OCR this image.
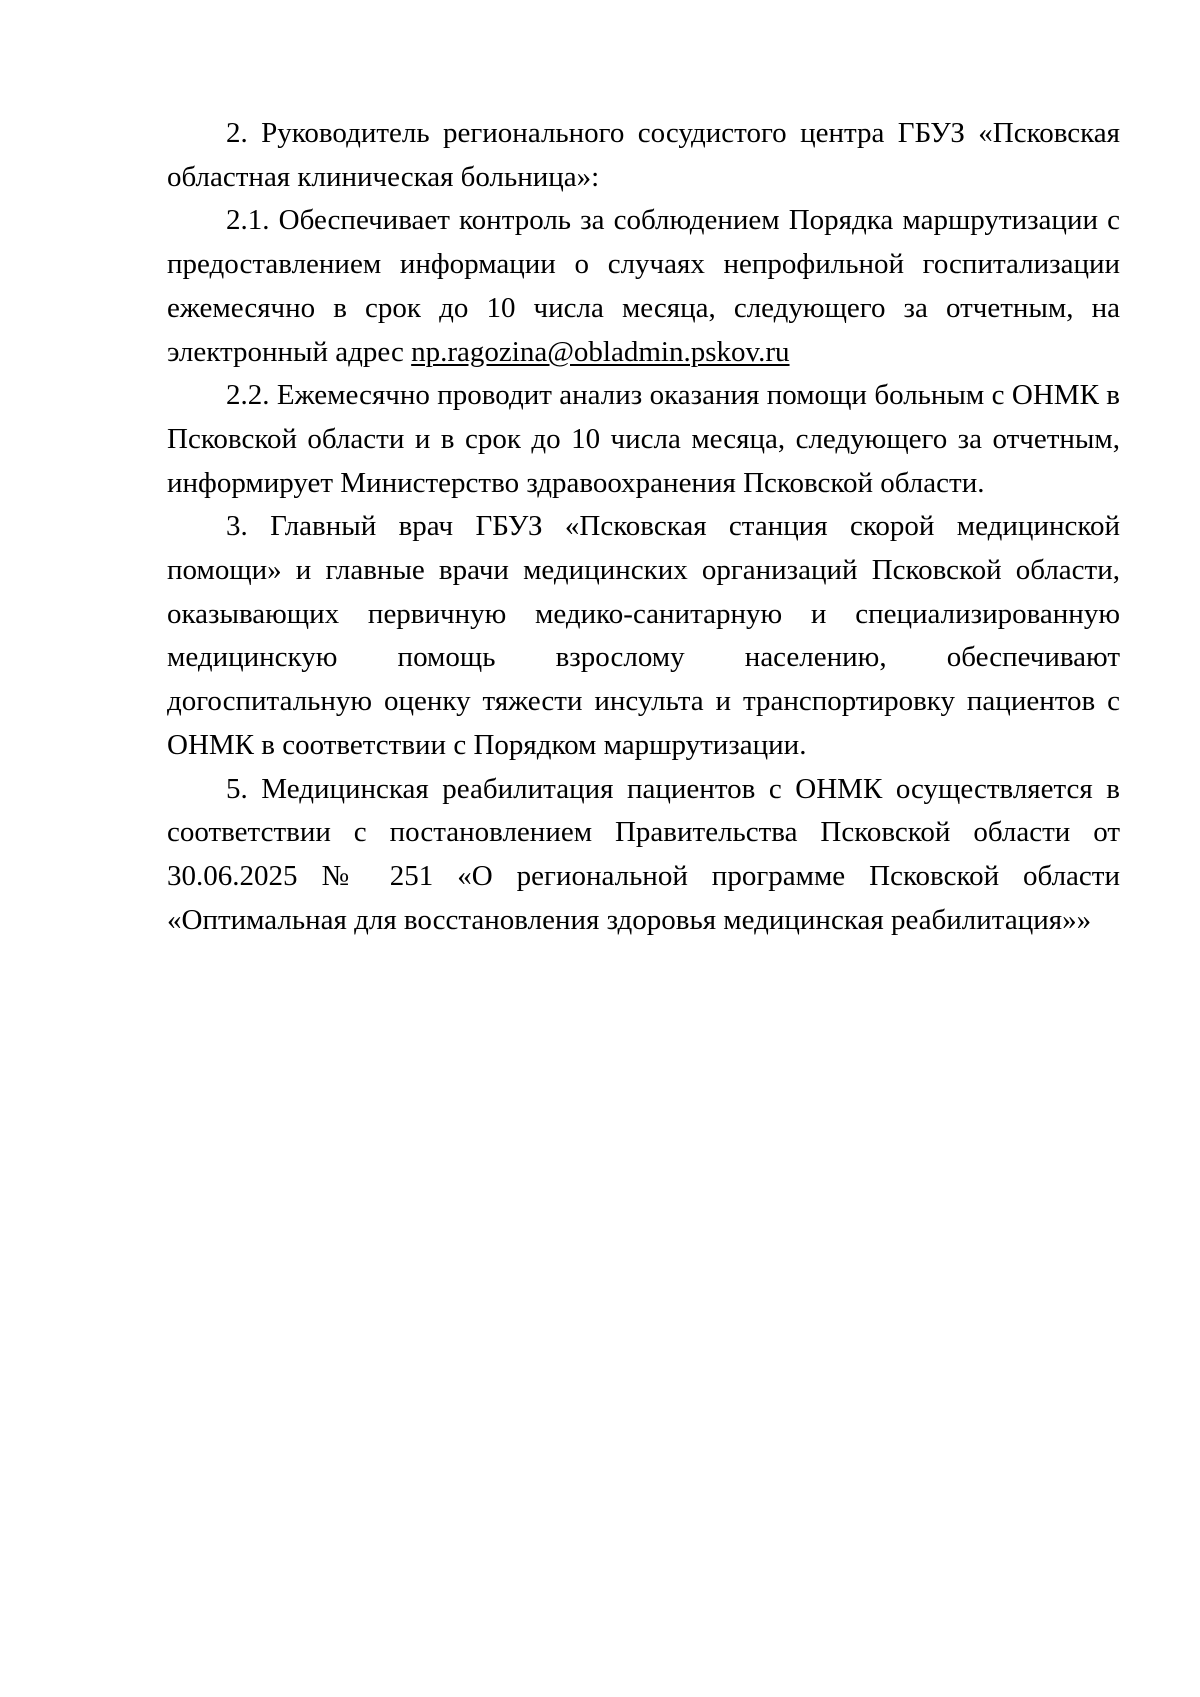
2. Руководитель регионального сосудистого центра ГБУЗ «Псковская областная клиническая больница»:

2.1. Обеспечивает контроль за соблюдением Порядка маршрутизации с предоставлением информации о случаях непрофильной госпитализации ежемесячно в срок до 10 числа месяца, следующего за отчетным, на электронный адрес np.ragozina@obladmin.pskov.ru

2.2. Ежемесячно проводит анализ оказания помощи больным с ОНМК в Псковской области и в срок до 10 числа месяца, следующего за отчетным, информирует Министерство здравоохранения Псковской области.

3. Главный врач ГБУЗ «Псковская станция скорой медицинской помощи» и главные врачи медицинских организаций Псковской области, оказывающих первичную медико-санитарную и специализированную медицинскую помощь взрослому населению, обеспечивают догоспитальную оценку тяжести инсульта и транспортировку пациентов с ОНМК в соответствии с Порядком маршрутизации.

5. Медицинская реабилитация пациентов с ОНМК осуществляется в соответствии с постановлением Правительства Псковской области от 30.06.2025 № 251 «О региональной программе Псковской области «Оптимальная для восстановления здоровья медицинская реабилитация»»
